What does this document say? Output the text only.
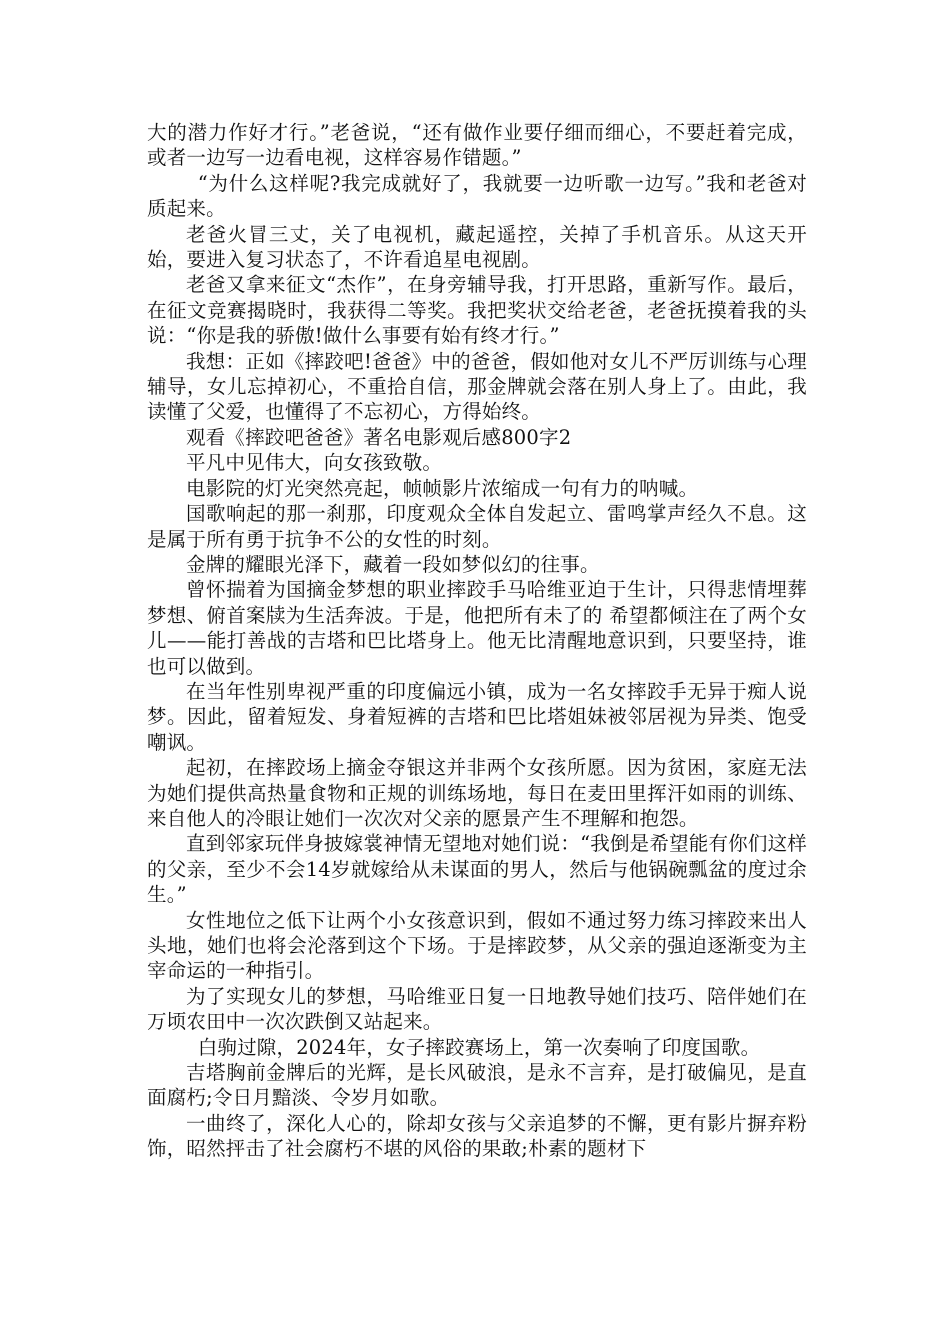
大的潜力作好才行。”老爸说，“还有做作业要仔细而细心，不要赶着完成，或者一边写一边看电视，这样容易作错题。”

“为什么这样呢?我完成就好了，我就要一边听歌一边写。”我和老爸对质起来。

老爸火冒三丈，关了电视机，藏起遥控，关掉了手机音乐。从这天开始，要进入复习状态了，不许看追星电视剧。

老爸又拿来征文“杰作”，在身旁辅导我，打开思路，重新写作。最后，在征文竞赛揭晓时，我获得二等奖。我把奖状交给老爸，老爸抚摸着我的头说：“你是我的骄傲!做什么事要有始有终才行。”

我想：正如《摔跤吧!爸爸》中的爸爸，假如他对女儿不严厉训练与心理辅导，女儿忘掉初心，不重拾自信，那金牌就会落在别人身上了。由此，我读懂了父爱，也懂得了不忘初心，方得始终。

观看《摔跤吧爸爸》著名电影观后感800字2

平凡中见伟大，向女孩致敬。

电影院的灯光突然亮起，帧帧影片浓缩成一句有力的呐喊。

国歌响起的那一刹那，印度观众全体自发起立、雷鸣掌声经久不息。这是属于所有勇于抗争不公的女性的时刻。

金牌的耀眼光泽下，藏着一段如梦似幻的往事。

曾怀揣着为国摘金梦想的职业摔跤手马哈维亚迫于生计，只得悲情埋葬梦想、俯首案牍为生活奔波。于是，他把所有未了的 希望都倾注在了两个女儿——能打善战的吉塔和巴比塔身上。他无比清醒地意识到，只要坚持，谁也可以做到。

在当年性别卑视严重的印度偏远小镇，成为一名女摔跤手无异于痴人说梦。因此，留着短发、身着短裤的吉塔和巴比塔姐妹被邻居视为异类、饱受嘲讽。

起初，在摔跤场上摘金夺银这并非两个女孩所愿。因为贫困，家庭无法为她们提供高热量食物和正规的训练场地，每日在麦田里挥汗如雨的训练、来自他人的冷眼让她们一次次对父亲的愿景产生不理解和抱怨。

直到邻家玩伴身披嫁裳神情无望地对她们说：“我倒是希望能有你们这样的父亲，至少不会14岁就嫁给从未谋面的男人，然后与他锅碗瓢盆的度过余生。”

女性地位之低下让两个小女孩意识到，假如不通过努力练习摔跤来出人头地，她们也将会沦落到这个下场。于是摔跤梦，从父亲的强迫逐渐变为主宰命运的一种指引。

为了实现女儿的梦想，马哈维亚日复一日地教导她们技巧、陪伴她们在万顷农田中一次次跌倒又站起来。

白驹过隙，2024年，女子摔跤赛场上，第一次奏响了印度国歌。

吉塔胸前金牌后的光辉，是长风破浪，是永不言弃，是打破偏见，是直面腐朽;令日月黯淡、令岁月如歌。

一曲终了，深化人心的，除却女孩与父亲追梦的不懈，更有影片摒弃粉饰，昭然抨击了社会腐朽不堪的风俗的果敢;朴素的题材下
